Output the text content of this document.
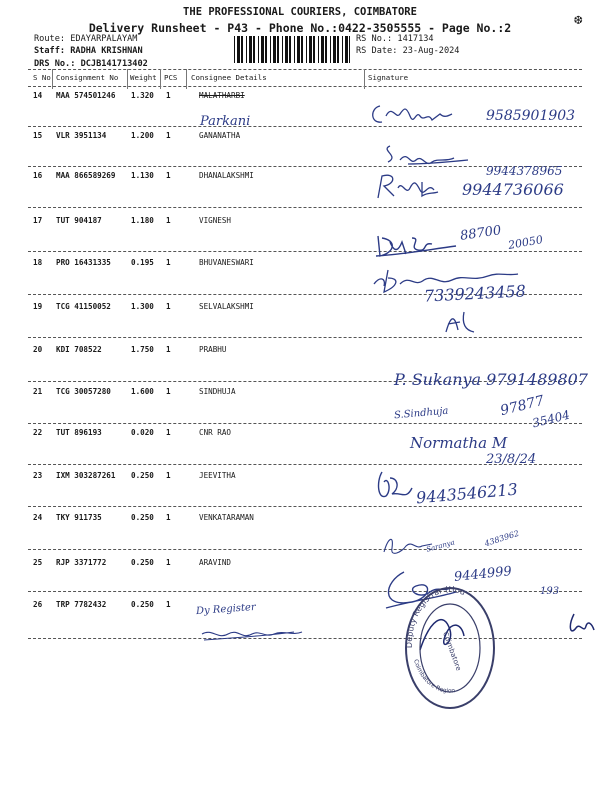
THE PROFESSIONAL COURIERS, COIMBATORE
Delivery Runsheet - P43 - Phone No.:0422-3505555 - Page No.:2	❆
Route: EDAYARPALAYAM
Staff: RADHA KRISHNAN
DRS No.: DCJB141713402
RS No.: 1417134
RS Date: 23-Aug-2024
S No Consignment No Weight PCS Consignee Details	Signature
14 MAA 574501246 1.320 1	MALATHARBI
15 VLR 3951134	1.200 1	GANANATHA
16 MAA 866589269 1.130 1	DHANALAKSHMI
17 TUT 904187	1.180 1	VIGNESH
18 PRO 16431335	0.195 1	BHUVANESWARI
19 TCG 41150052	1.300 1	SELVALAKSHMI
20 KDI 708522	1.750 1	PRABHU
21 TCG 30057280	1.600 1	SINDHUJA
22 TUT 896193	0.020 1	CNR RAO
23 IXM 303287261 0.250 1	JEEVITHA
24 TKY 911735	0.250 1	VENKATARAMAN
25 RJP 3371772	0.250 1	ARAVIND
26 TRP 7782432	0.250 1
Parkani	9585901903
9944378965
9944736066
88700 20050
7339243458
P. Sukanya 9791489807
S.Sindhuja	97877
35404
Normatha M
23/8/24
9443546213
Saranya	4383962
9444999
193
Dy Register
Deputy Registrar (Hou
Coimbatore Region
Coimbatore
